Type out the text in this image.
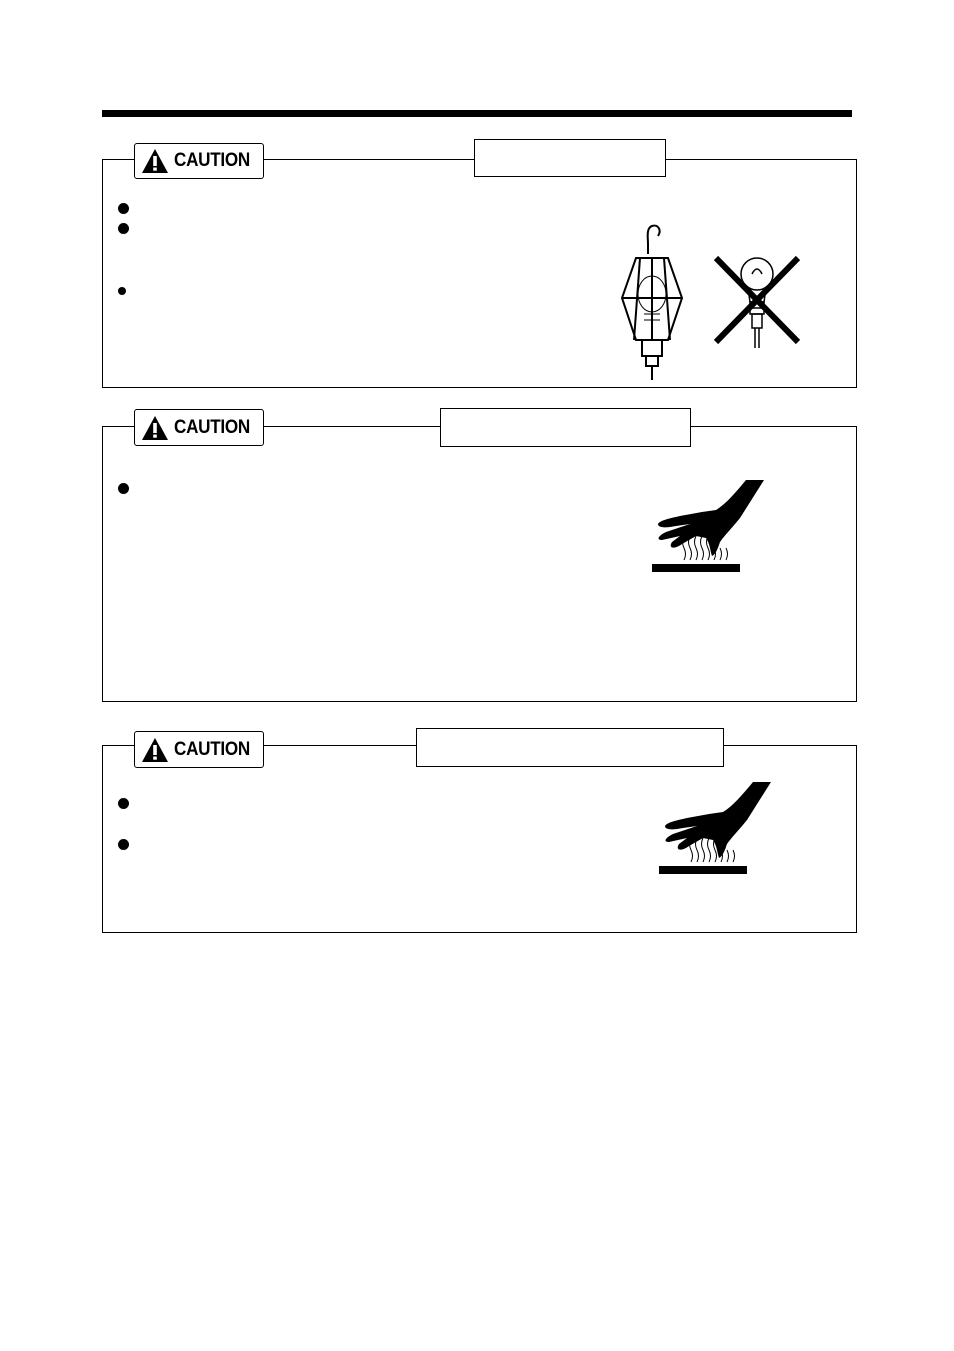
CAUTION
CAUTION
CAUTION
